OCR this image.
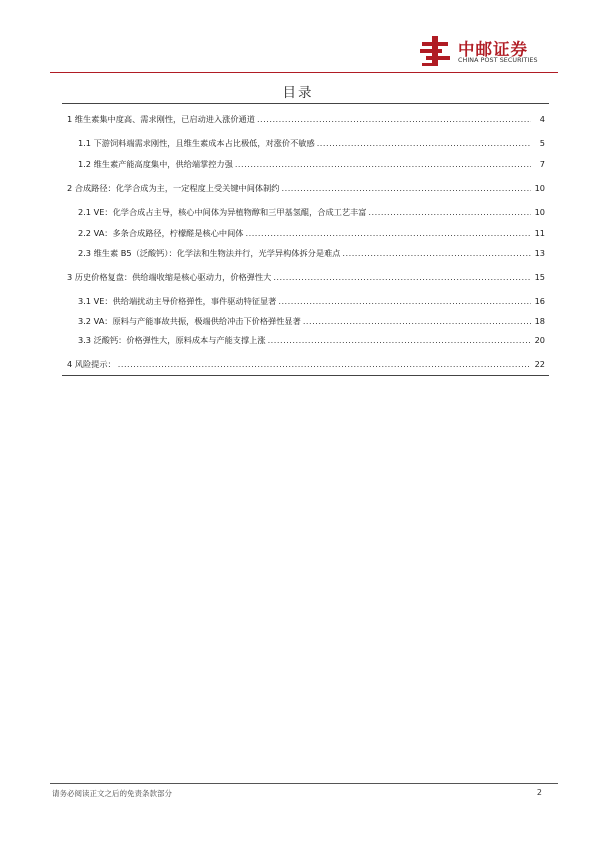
中邮证券
CHINA POST SECURITIES
目录
1 维生素集中度高、需求刚性，已启动进入涨价通道 .....	4
1.1 下游饲料端需求刚性，且维生素成本占比极低，对涨价不敏感 .....	5
1.2 维生素产能高度集中，供给端掌控力强 .....	7
2 合成路径：化学合成为主，一定程度上受关键中间体制约 .....	10
2.1 VE：化学合成占主导，核心中间体为异植物醇和三甲基氢醌，合成工艺丰富 .....	10
2.2 VA：多条合成路径，柠檬醛是核心中间体 .....	11
2.3 维生素 B5（泛酸钙）：化学法和生物法并行，光学异构体拆分是难点 .....	13
3 历史价格复盘：供给端收缩是核心驱动力，价格弹性大 .....	15
3.1 VE：供给端扰动主导价格弹性，事件驱动特征显著 .....	16
3.2 VA：原料与产能事故共振，极端供给冲击下价格弹性显著 .....	18
3.3 泛酸钙：价格弹性大，原料成本与产能支撑上涨 .....	20
4 风险提示： .....	22
请务必阅读正文之后的免责条款部分	2
